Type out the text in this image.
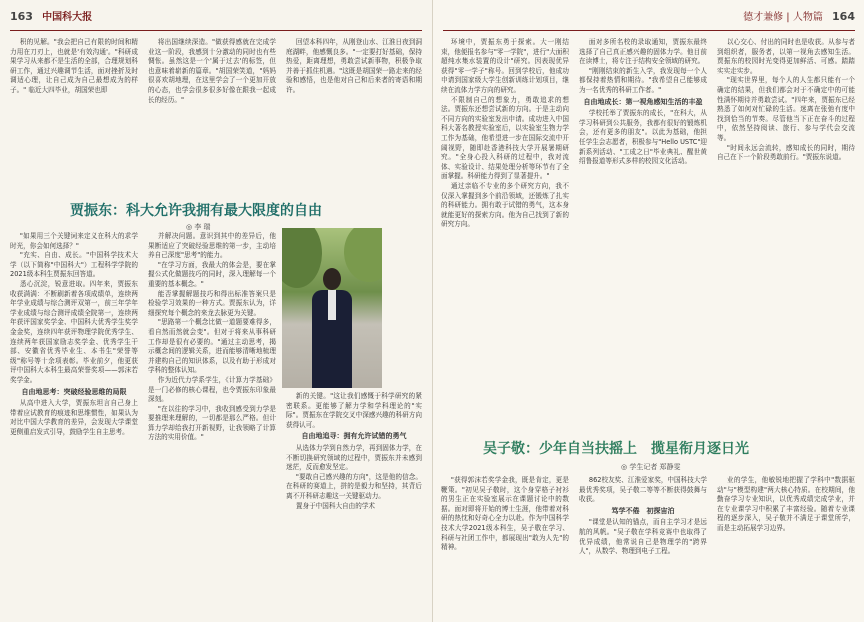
163 中国科大报

积的见解。"我会把自己有限的时间和精力用在刀刃上，也就是'有效沟通'。"科研成果学习从来都不是生活的全部，合理规划科研工作，通过兴趣调节生活，面对挫折及时调适心理，让自己成为自己最想成为的样子。" 临近大四毕业，胡国荣也即

将出国继续深造。"做获得感就在完成学业这一阶段，我感到十分激动的同时也有些惆怅。虽然这是一个'属于过去'的标签，但也意味着崭新的篇章。"胡国荣笑道，"妈妈很喜欢胡地理，在这里学会了一个更加开放的心态，也学会很多很多好像在跟我一起成长的经历。"

回望本科四年，从刚登山水、江淮日夜到洞庭湖畔，他感慨良多。"一定要打好基础，保持热爱，距离理想，勇敢尝试新事物，积极争取并善于抓住机遇。"这既是胡国荣一路走来的经验和感悟，也是他对自己和后来者的寄语和期许。

贾振东：科大允许我拥有最大限度的自由
◎ 李 瑞

"如果用三个关键词来定义在科大的求学时光，你会如何选择？"

"充实、自由、成长。"中国科学技术大学（以下简称"中国科大"）工程科学学院的2021级本科生贾振东回答道。

悉心沉淀，锐意进取。四年来，贾振东收获满满：不断刷新着各项成绩单，连续两年学业成绩与综合测评双第一，前三年学年学业成绩与综合测评成绩全院第一，连续两年获评国家奖学金、中国科大优秀学生奖学金金奖，连续四年获评物理学院优秀学生、连续两年获国家励志奖学金、优秀学生干部、安徽省优秀毕业生、本书生"荣誉等级"称号等十余项表彰。毕业前夕，他更获评中国科大本科生最高荣誉奖项——郭沫若奖学金。

自由地思考：突破经验思维的局限

从高中进入大学，贾振东坦言自己身上带着应试教育的痕迹和思维惯性，如果认为对比中国大学教育的差异，会发现大学课堂更侧重启发式引导，鼓励学生自主思考。

并解决问题。意识到其中的差异后，他果断适应了突破经验思维的第一步，主动培养自己深度"思考"的能力。

"在学习方面，我最大的体会是，要在掌握公式化做题技巧的同时，深入理解每一个重要的基本概念。"

能否掌握解题技巧和得出标准答案只是检验学习效果的一种方式。贾振东认为，详细探究每个概念的来龙去脉更为关键。

"思路第一个概念比做一道题要难得多，看自然而然就会变"。但对于将来从事科研工作却是很有必要的。"通过主动思考，揭示概念间的逻辑关系，进而能够清晰地梳理并建构自己的知识体系，以及有助于形成对学科的整体认知。

作为近代力学系学生，《计算力学基础》是一门必修的核心课程，也令贾振东印象最深刻。

"在以往的学习中，我收到感受到力学是要推理来理解的，一切都是那么严格。但计算力学却给我打开新视野，让我领略了计算方法的实用价值。"

新的关键。"这让我们感慨于科学研究的紧密联系。更能够了解力学和学科理论的"实际"。贾振东在学院交叉中深感兴趣的科研方向获得认可。

自由地追寻：拥有允许试错的勇气

从选体力学到自然力学，再到固体力学，在不断切换研究领域的过程中，贾振东并未感到迷茫，反而愈发坚定。

"要敢自己感兴趣的方向"，这是他的信念。在科研的赛道上，拼的是毅力和坚持，其背后离不开科研志趣这一关键驱动力。

置身于中国科大自由的学术

德才兼修 | 人物篇 164

环境中，贾振东勇于探索。大一刚结束，他便报名参与"零一学院"，进行"大面积超纯水集水装置的设计"研究。因表现优异获得"零一学子"称号。回到学校后，他成功申请到国家级大学生创新训练计划项目，继续在流体力学方向的研究。

不限制自己的想象力，勇敢追求的想法。贾振东还想尝试新的方向。于是主动向不同方向的实验室发出申请。成功进入中国科大著名教授实验室后，以实验室生物力学工作为基础，他希望进一步在国际交流中开阔视野，随即赴香港科技大学开展暑期研究。"全身心投入科研的过程中，我对流体、实验设计、结果处理分析等环节有了全面掌握。科研能力得到了显著提升。"

通过亲临不专业的多个研究方向，我不仅深入掌握到多个前沿领域，还锻炼了扎实的科研能力。拥有敢于试错的勇气，这本身就能更好的探索方向。他为自己找到了新的研究方向。

面对多所名校的录取通知，贾振东最终选择了自己真正感兴趣的固体力学。他目前在读博士，将专注于结构安全领域的研究。

"刚刚结束的新生入学，我发现每一个人都保持着热情和期待。"我希望自己能够成为一名优秀的科研工作者。"

自由地成长：第一视角感知生活的丰盈

学校托举了贾振东的成长，"在科大，从学习科研到公共服务，我都有很好的锻炼机会，还有更多的朋友"。以此为基础，他担任学生会志愿者，积极参与"Hello USTC"迎新系列活动、"工成之日"毕业典礼、醒世黄绍鲁报道等形式多样的校园文化活动。

以心交心、付出的同时也是收获。从参与者到组织者，服务者，以第一视角去感知生活。贾振东的校园时光变得更加鲜活、可感。踏踏实实走实步。

"现实世界里，每个人的人生都只能有一个确定的结果，但我们都会对于不确定中的可能性满怀期待并勇敢尝试。"四年来，贾振东已经熟悉了如何对忙碌的生活。迷离在张弛有度中找到恰当的节奏。尽管他当下正在奋斗的过程中，依然坚持阅读、旅行、参与学代会交流等。

"时间永远会流转，感知成长的同时，期待自己在下一个阶段勇敢前行。"贾振东说道。

吴子敬：少年自当扶摇上　揽星衔月逐日光
◎ 学生记者 郑静雯

"获得郭沫若奖学金我，既是肯定，更是鞭策。"初见吴子敬时，这个身穿格子衬衫的男生正在实验室展示在课题讨论中的数据。面对即将开始的博士生涯，他带着对科研的热忱和好奇心全力以赴。作为中国科学技术大学2021级本科生，吴子敬在学习、科研与社团工作中，都展现出"敢为人先"的精神。

862校友奖、江淮爱家奖，中国科技大学最优秀奖项，吴子敬二等等不断获得鼓舞与收获。

笃学不倦　初探宙泊

"课堂是认知的锚点，而自主学习才是远航的风帆。"吴子敬在学科竞赛中也取得了优异成绩，他常说自己是物理学的"跨界人"，从数学、物理到电子工程。

业的学生，他敏锐地把握了学科中"数据驱动"与"模型构建"两大核心特质。在校期间，他勤奋学习专业知识，以优秀成绩完成学业，并在专业课学习中积累了丰富经验。随着专业课程的逐步深入，吴子敬并不满足于课堂所学，而是主动拓展学习边界。
